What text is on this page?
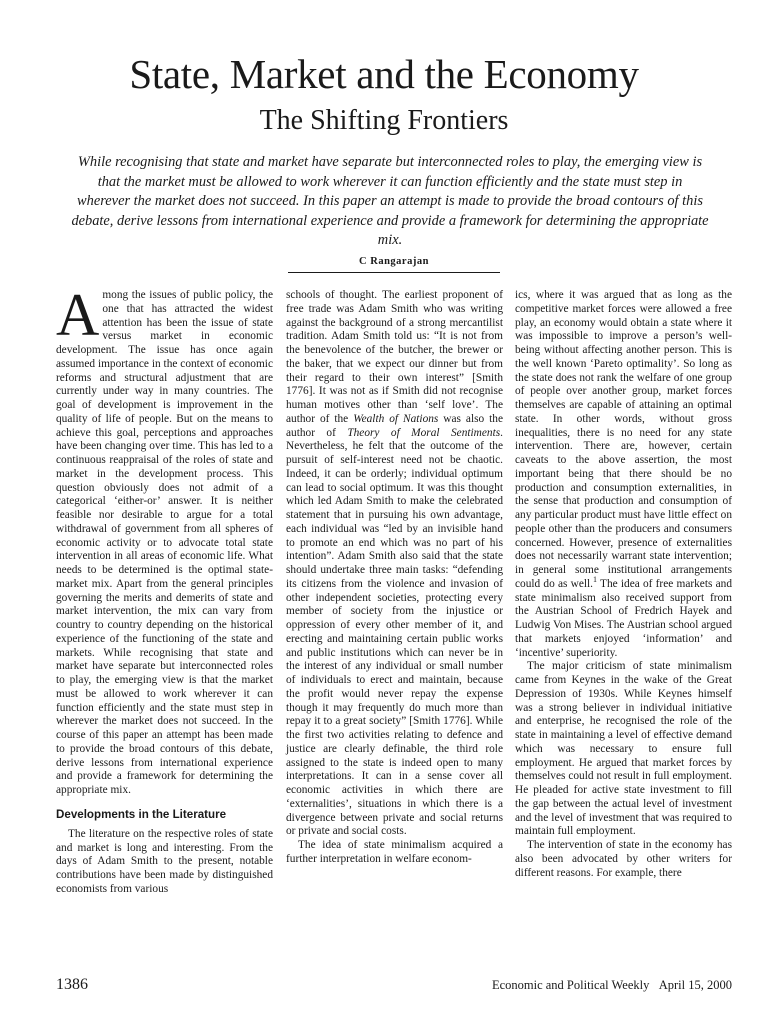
State, Market and the Economy
The Shifting Frontiers

While recognising that state and market have separate but interconnected roles to play, the emerging view is that the market must be allowed to work wherever it can function efficiently and the state must step in wherever the market does not succeed. In this paper an attempt is made to provide the broad contours of this debate, derive lessons from international experience and provide a framework for determining the appropriate mix.

C Rangarajan

Among the issues of public policy, the one that has attracted the widest attention has been the issue of state versus market in economic development. The issue has once again assumed importance in the context of economic reforms and structural adjustment that are currently under way in many countries. The goal of development is improvement in the quality of life of people. But on the means to achieve this goal, perceptions and approaches have been changing over time. This has led to a continuous reappraisal of the roles of state and market in the development process. This question obviously does not admit of a categorical ‘either-or’ answer. It is neither feasible nor desirable to argue for a total withdrawal of government from all spheres of economic activity or to advocate total state intervention in all areas of economic life. What needs to be determined is the optimal state-market mix. Apart from the general principles governing the merits and demerits of state and market intervention, the mix can vary from country to country depending on the historical experience of the functioning of the state and markets. While recognising that state and market have separate but interconnected roles to play, the emerging view is that the market must be allowed to work wherever it can function efficiently and the state must step in wherever the market does not succeed. In the course of this paper an attempt has been made to provide the broad contours of this debate, derive lessons from international experience and provide a framework for determining the appropriate mix.

Developments in the Literature

The literature on the respective roles of state and market is long and interesting. From the days of Adam Smith to the present, notable contributions have been made by distinguished economists from various

schools of thought. The earliest proponent of free trade was Adam Smith who was writing against the background of a strong mercantilist tradition. Adam Smith told us: “It is not from the benevolence of the butcher, the brewer or the baker, that we expect our dinner but from their regard to their own interest” [Smith 1776]. It was not as if Smith did not recognise human motives other than ‘self love’. The author of the Wealth of Nations was also the author of Theory of Moral Sentiments. Nevertheless, he felt that the outcome of the pursuit of self-interest need not be chaotic. Indeed, it can be orderly; individual optimum can lead to social optimum. It was this thought which led Adam Smith to make the celebrated statement that in pursuing his own advantage, each individual was “led by an invisible hand to promote an end which was no part of his intention”. Adam Smith also said that the state should undertake three main tasks: “defending its citizens from the violence and invasion of other independent societies, protecting every member of society from the injustice or oppression of every other member of it, and erecting and maintaining certain public works and public institutions which can never be in the interest of any individual or small number of individuals to erect and maintain, because the profit would never repay the expense though it may frequently do much more than repay it to a great society” [Smith 1776]. While the first two activities relating to defence and justice are clearly definable, the third role assigned to the state is indeed open to many interpretations. It can in a sense cover all economic activities in which there are ‘externalities’, situations in which there is a divergence between private and social returns or private and social costs.

The idea of state minimalism acquired a further interpretation in welfare econom-

ics, where it was argued that as long as the competitive market forces were allowed a free play, an economy would obtain a state where it was impossible to improve a person’s well-being without affecting another person. This is the well known ‘Pareto optimality’. So long as the state does not rank the welfare of one group of people over another group, market forces themselves are capable of attaining an optimal state. In other words, without gross inequalities, there is no need for any state intervention. There are, however, certain caveats to the above assertion, the most important being that there should be no production and consumption externalities, in the sense that production and consumption of any particular product must have little effect on people other than the producers and consumers concerned. However, presence of externalities does not necessarily warrant state intervention; in general some institutional arrangements could do as well.$^1$ The idea of free markets and state minimalism also received support from the Austrian School of Fredrich Hayek and Ludwig Von Mises. The Austrian school argued that markets enjoyed ‘information’ and ‘incentive’ superiority.

The major criticism of state minimalism came from Keynes in the wake of the Great Depression of 1930s. While Keynes himself was a strong believer in individual initiative and enterprise, he recognised the role of the state in maintaining a level of effective demand which was necessary to ensure full employment. He argued that market forces by themselves could not result in full employment. He pleaded for active state investment to fill the gap between the actual level of investment and the level of investment that was required to maintain full employment.

The intervention of state in the economy has also been advocated by other writers for different reasons. For example, there

1386	Economic and Political Weekly April 15, 2000
